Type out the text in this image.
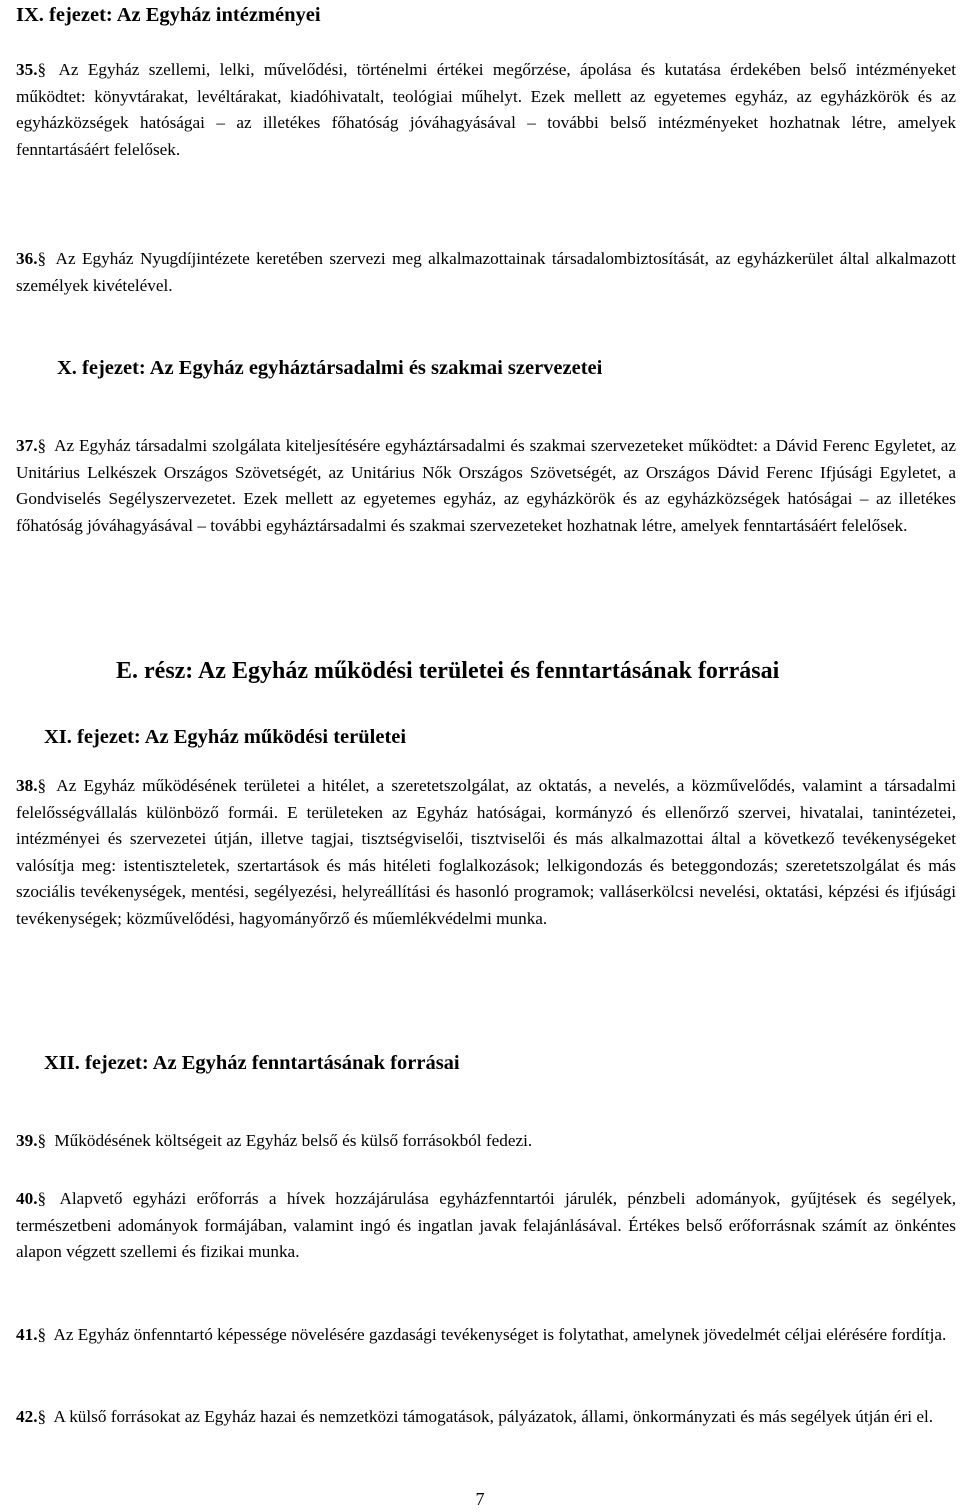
IX. fejezet: Az Egyház intézményei

35.§ Az Egyház szellemi, lelki, művelődési, történelmi értékei megőrzése, ápolása és kutatása érdekében belső intézményeket működtet: könyvtárakat, levéltárakat, kiadóhivatalt, teológiai műhelyt. Ezek mellett az egyetemes egyház, az egyházkörök és az egyházközségek hatóságai – az illetékes főhatóság jóváhagyásával – további belső intézményeket hozhatnak létre, amelyek fenntartásáért felelősek.

36.§ Az Egyház Nyugdíjintézete keretében szervezi meg alkalmazottainak társadalombiztosítását, az egyházkerület által alkalmazott személyek kivételével.

X. fejezet: Az Egyház egyháztársadalmi és szakmai szervezetei

37.§ Az Egyház társadalmi szolgálata kiteljesítésére egyháztársadalmi és szakmai szervezeteket működtet: a Dávid Ferenc Egyletet, az Unitárius Lelkészek Országos Szövetségét, az Unitárius Nők Országos Szövetségét, az Országos Dávid Ferenc Ifjúsági Egyletet, a Gondviselés Segélyszervezetet. Ezek mellett az egyetemes egyház, az egyházkörök és az egyházközségek hatóságai – az illetékes főhatóság jóváhagyásával – további egyháztársadalmi és szakmai szervezeteket hozhatnak létre, amelyek fenntartásáért felelősek.

E. rész: Az Egyház működési területei és fenntartásának forrásai
XI. fejezet: Az Egyház működési területei

38.§ Az Egyház működésének területei a hitélet, a szeretetszolgálat, az oktatás, a nevelés, a közművelődés, valamint a társadalmi felelősségvállalás különböző formái. E területeken az Egyház hatóságai, kormányzó és ellenőrző szervei, hivatalai, tanintézetei, intézményei és szervezetei útján, illetve tagjai, tisztségviselői, tisztviselői és más alkalmazottai által a következő tevékenységeket valósítja meg: istentiszteletek, szertartások és más hitéleti foglalkozások; lelkigondozás és beteggondozás; szeretetszolgálat és más szociális tevékenységek, mentési, segélyezési, helyreállítási és hasonló programok; valláserkölcsi nevelési, oktatási, képzési és ifjúsági tevékenységek; közművelődési, hagyományőrző és műemlékvédelmi munka.

XII. fejezet: Az Egyház fenntartásának forrásai

39.§ Működésének költségeit az Egyház belső és külső forrásokból fedezi.

40.§ Alapvető egyházi erőforrás a hívek hozzájárulása egyházfenntartói járulék, pénzbeli adományok, gyűjtések és segélyek, természetbeni adományok formájában, valamint ingó és ingatlan javak felajánlásával. Értékes belső erőforrásnak számít az önkéntes alapon végzett szellemi és fizikai munka.

41.§ Az Egyház önfenntartó képessége növelésére gazdasági tevékenységet is folytathat, amelynek jövedelmét céljai elérésére fordítja.

42.§ A külső forrásokat az Egyház hazai és nemzetközi támogatások, pályázatok, állami, önkormányzati és más segélyek útján éri el.

7
